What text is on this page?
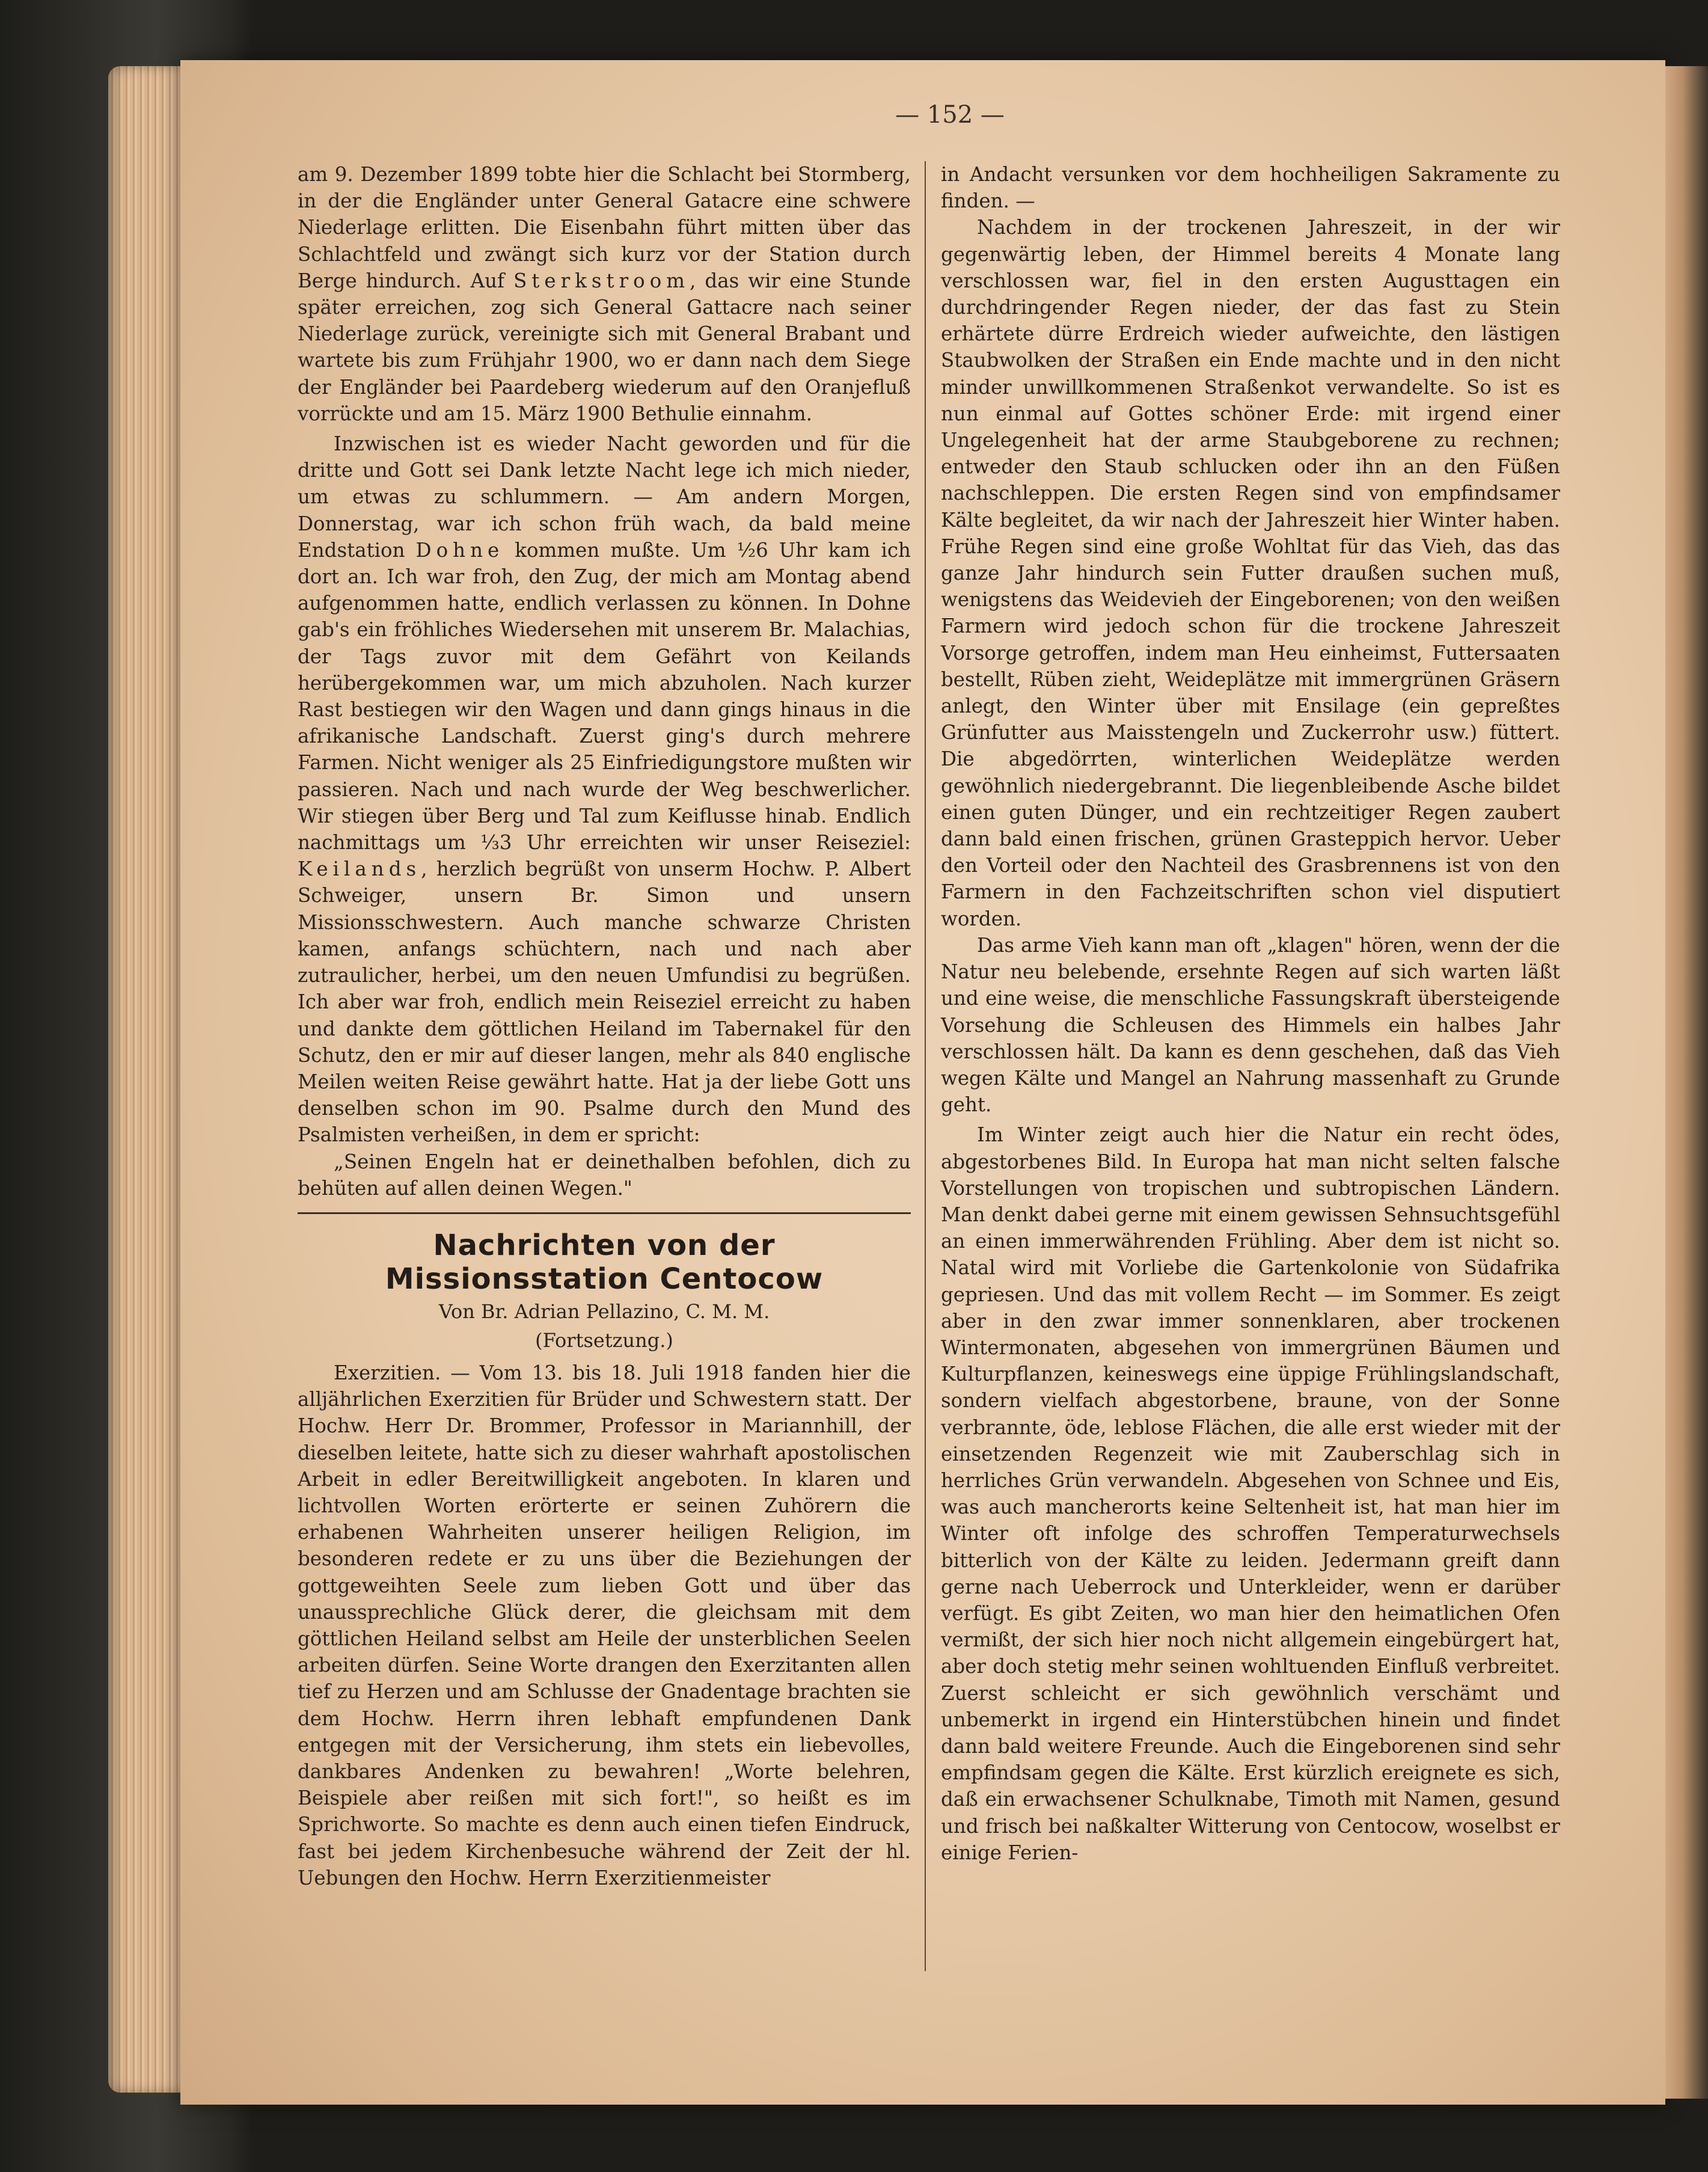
— 152 —

am 9. Dezember 1899 tobte hier die Schlacht bei Stormberg, in der die Engländer unter General Gatacre eine schwere Niederlage erlitten. Die Eisenbahn führt mitten über das Schlachtfeld und zwängt sich kurz vor der Station durch Berge hindurch. Auf Sterkstroom, das wir eine Stunde später erreichen, zog sich General Gattacre nach seiner Niederlage zurück, vereinigte sich mit General Brabant und wartete bis zum Frühjahr 1900, wo er dann nach dem Siege der Engländer bei Paardeberg wiederum auf den Oranjefluß vorrückte und am 15. März 1900 Bethulie einnahm.

Inzwischen ist es wieder Nacht geworden und für die dritte und Gott sei Dank letzte Nacht lege ich mich nieder, um etwas zu schlummern. — Am andern Morgen, Donnerstag, war ich schon früh wach, da bald meine Endstation Dohne kommen mußte. Um ½6 Uhr kam ich dort an. Ich war froh, den Zug, der mich am Montag abend aufgenommen hatte, endlich verlassen zu können. In Dohne gab's ein fröhliches Wiedersehen mit unserem Br. Malachias, der Tags zuvor mit dem Gefährt von Keilands herübergekommen war, um mich abzuholen. Nach kurzer Rast bestiegen wir den Wagen und dann gings hinaus in die afrikanische Landschaft. Zuerst ging's durch mehrere Farmen. Nicht weniger als 25 Einfriedigungstore mußten wir passieren. Nach und nach wurde der Weg beschwerlicher. Wir stiegen über Berg und Tal zum Keiflusse hinab. Endlich nachmittags um ⅓3 Uhr erreichten wir unser Reiseziel: Keilands, herzlich begrüßt von unserm Hochw. P. Albert Schweiger, unsern Br. Simon und unsern Missionsschwestern. Auch manche schwarze Christen kamen, anfangs schüchtern, nach und nach aber zutraulicher, herbei, um den neuen Umfundisi zu begrüßen. Ich aber war froh, endlich mein Reiseziel erreicht zu haben und dankte dem göttlichen Heiland im Tabernakel für den Schutz, den er mir auf dieser langen, mehr als 840 englische Meilen weiten Reise gewährt hatte. Hat ja der liebe Gott uns denselben schon im 90. Psalme durch den Mund des Psalmisten verheißen, in dem er spricht:

„Seinen Engeln hat er deinethalben befohlen, dich zu behüten auf allen deinen Wegen."

Nachrichten von der Missionsstation Centocow
Von Br. Adrian Pellazino, C. M. M.
(Fortsetzung.)

Exerzitien. — Vom 13. bis 18. Juli 1918 fanden hier die alljährlichen Exerzitien für Brüder und Schwestern statt. Der Hochw. Herr Dr. Brommer, Professor in Mariannhill, der dieselben leitete, hatte sich zu dieser wahrhaft apostolischen Arbeit in edler Bereitwilligkeit angeboten. In klaren und lichtvollen Worten erörterte er seinen Zuhörern die erhabenen Wahrheiten unserer heiligen Religion, im besonderen redete er zu uns über die Beziehungen der gottgeweihten Seele zum lieben Gott und über das unaussprechliche Glück derer, die gleichsam mit dem göttlichen Heiland selbst am Heile der unsterblichen Seelen arbeiten dürfen. Seine Worte drangen den Exerzitanten allen tief zu Herzen und am Schlusse der Gnadentage brachten sie dem Hochw. Herrn ihren lebhaft empfundenen Dank entgegen mit der Versicherung, ihm stets ein liebevolles, dankbares Andenken zu bewahren! „Worte belehren, Beispiele aber reißen mit sich fort!", so heißt es im Sprichworte. So machte es denn auch einen tiefen Eindruck, fast bei jedem Kirchenbesuche während der Zeit der hl. Uebungen den Hochw. Herrn Exerzitienmeister

in Andacht versunken vor dem hochheiligen Sakramente zu finden. —

Nachdem in der trockenen Jahreszeit, in der wir gegenwärtig leben, der Himmel bereits 4 Monate lang verschlossen war, fiel in den ersten Augusttagen ein durchdringender Regen nieder, der das fast zu Stein erhärtete dürre Erdreich wieder aufweichte, den lästigen Staubwolken der Straßen ein Ende machte und in den nicht minder unwillkommenen Straßenkot verwandelte. So ist es nun einmal auf Gottes schöner Erde: mit irgend einer Ungelegenheit hat der arme Staubgeborene zu rechnen; entweder den Staub schlucken oder ihn an den Füßen nachschleppen. Die ersten Regen sind von empfindsamer Kälte begleitet, da wir nach der Jahreszeit hier Winter haben. Frühe Regen sind eine große Wohltat für das Vieh, das das ganze Jahr hindurch sein Futter draußen suchen muß, wenigstens das Weidevieh der Eingeborenen; von den weißen Farmern wird jedoch schon für die trockene Jahreszeit Vorsorge getroffen, indem man Heu einheimst, Futtersaaten bestellt, Rüben zieht, Weideplätze mit immergrünen Gräsern anlegt, den Winter über mit Ensilage (ein gepreßtes Grünfutter aus Maisstengeln und Zuckerrohr usw.) füttert. Die abgedörrten, winterlichen Weideplätze werden gewöhnlich niedergebrannt. Die liegenbleibende Asche bildet einen guten Dünger, und ein rechtzeitiger Regen zaubert dann bald einen frischen, grünen Grasteppich hervor. Ueber den Vorteil oder den Nachteil des Grasbrennens ist von den Farmern in den Fachzeitschriften schon viel disputiert worden.

Das arme Vieh kann man oft „klagen" hören, wenn der die Natur neu belebende, ersehnte Regen auf sich warten läßt und eine weise, die menschliche Fassungskraft übersteigende Vorsehung die Schleusen des Himmels ein halbes Jahr verschlossen hält. Da kann es denn geschehen, daß das Vieh wegen Kälte und Mangel an Nahrung massenhaft zu Grunde geht.

Im Winter zeigt auch hier die Natur ein recht ödes, abgestorbenes Bild. In Europa hat man nicht selten falsche Vorstellungen von tropischen und subtropischen Ländern. Man denkt dabei gerne mit einem gewissen Sehnsuchtsgefühl an einen immerwährenden Frühling. Aber dem ist nicht so. Natal wird mit Vorliebe die Gartenkolonie von Südafrika gepriesen. Und das mit vollem Recht — im Sommer. Es zeigt aber in den zwar immer sonnenklaren, aber trockenen Wintermonaten, abgesehen von immergrünen Bäumen und Kulturpflanzen, keineswegs eine üppige Frühlingslandschaft, sondern vielfach abgestorbene, braune, von der Sonne verbrannte, öde, leblose Flächen, die alle erst wieder mit der einsetzenden Regenzeit wie mit Zauberschlag sich in herrliches Grün verwandeln. Abgesehen von Schnee und Eis, was auch mancherorts keine Seltenheit ist, hat man hier im Winter oft infolge des schroffen Temperaturwechsels bitterlich von der Kälte zu leiden. Jedermann greift dann gerne nach Ueberrock und Unterkleider, wenn er darüber verfügt. Es gibt Zeiten, wo man hier den heimatlichen Ofen vermißt, der sich hier noch nicht allgemein eingebürgert hat, aber doch stetig mehr seinen wohltuenden Einfluß verbreitet. Zuerst schleicht er sich gewöhnlich verschämt und unbemerkt in irgend ein Hinterstübchen hinein und findet dann bald weitere Freunde. Auch die Eingeborenen sind sehr empfindsam gegen die Kälte. Erst kürzlich ereignete es sich, daß ein erwachsener Schulknabe, Timoth mit Namen, gesund und frisch bei naßkalter Witterung von Centocow, woselbst er einige Ferien-
